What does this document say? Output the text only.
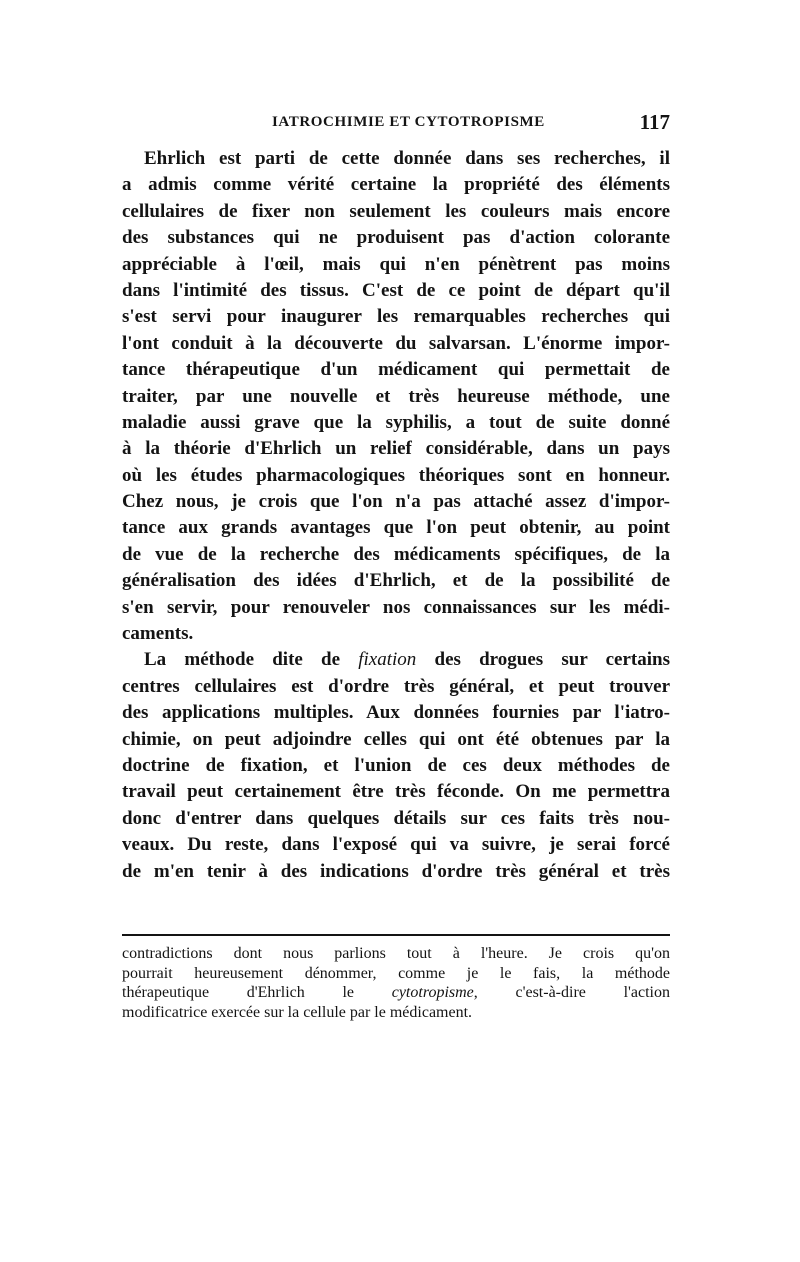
IATROCHIMIE ET CYTOTROPISME	117
Ehrlich est parti de cette donnée dans ses recherches, il
a admis comme vérité certaine la propriété des éléments
cellulaires de fixer non seulement les couleurs mais encore
des substances qui ne produisent pas d'action colorante
appréciable à l'œil, mais qui n'en pénètrent pas moins
dans l'intimité des tissus. C'est de ce point de départ qu'il
s'est servi pour inaugurer les remarquables recherches qui
l'ont conduit à la découverte du salvarsan. L'énorme impor-
tance thérapeutique d'un médicament qui permettait de
traiter, par une nouvelle et très heureuse méthode, une
maladie aussi grave que la syphilis, a tout de suite donné
à la théorie d'Ehrlich un relief considérable, dans un pays
où les études pharmacologiques théoriques sont en honneur.
Chez nous, je crois que l'on n'a pas attaché assez d'impor-
tance aux grands avantages que l'on peut obtenir, au point
de vue de la recherche des médicaments spécifiques, de la
généralisation des idées d'Ehrlich, et de la possibilité de
s'en servir, pour renouveler nos connaissances sur les médi-
caments.
La méthode dite de fixation des drogues sur certains
centres cellulaires est d'ordre très général, et peut trouver
des applications multiples. Aux données fournies par l'iatro-
chimie, on peut adjoindre celles qui ont été obtenues par la
doctrine de fixation, et l'union de ces deux méthodes de
travail peut certainement être très féconde. On me permettra
donc d'entrer dans quelques détails sur ces faits très nou-
veaux. Du reste, dans l'exposé qui va suivre, je serai forcé
de m'en tenir à des indications d'ordre très général et très
contradictions dont nous parlions tout à l'heure. Je crois qu'on
pourrait heureusement dénommer, comme je le fais, la méthode
thérapeutique d'Ehrlich le cytotropisme, c'est-à-dire l'action
modificatrice exercée sur la cellule par le médicament.
